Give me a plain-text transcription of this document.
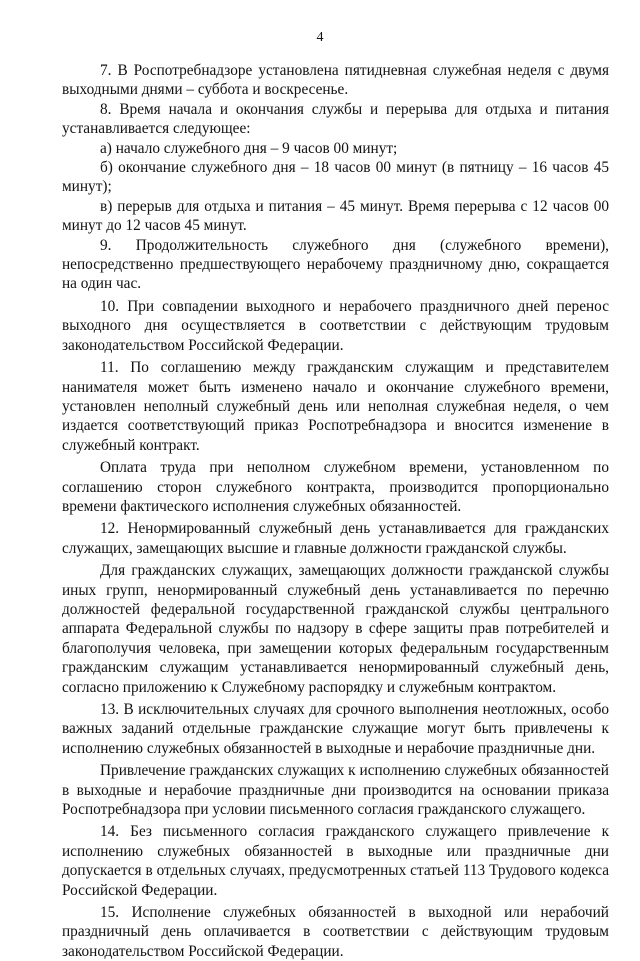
4

7. В Роспотребнадзоре установлена пятидневная служебная неделя с двумя выходными днями – суббота и воскресенье.

8. Время начала и окончания службы и перерыва для отдыха и питания устанавливается следующее:

а) начало служебного дня – 9 часов 00 минут;

б) окончание служебного дня – 18 часов 00 минут (в пятницу – 16 часов 45 минут);

в) перерыв для отдыха и питания – 45 минут. Время перерыва с 12 часов 00 минут до 12 часов 45 минут.

9. Продолжительность служебного дня (служебного времени), непосредственно предшествующего нерабочему праздничному дню, сокращается на один час.

10. При совпадении выходного и нерабочего праздничного дней перенос выходного дня осуществляется в соответствии с действующим трудовым законодательством Российской Федерации.

11. По соглашению между гражданским служащим и представителем нанимателя может быть изменено начало и окончание служебного времени, установлен неполный служебный день или неполная служебная неделя, о чем издается соответствующий приказ Роспотребнадзора и вносится изменение в служебный контракт.

Оплата труда при неполном служебном времени, установленном по соглашению сторон служебного контракта, производится пропорционально времени фактического исполнения служебных обязанностей.

12. Ненормированный служебный день устанавливается для гражданских служащих, замещающих высшие и главные должности гражданской службы.

Для гражданских служащих, замещающих должности гражданской службы иных групп, ненормированный служебный день устанавливается по перечню должностей федеральной государственной гражданской службы центрального аппарата Федеральной службы по надзору в сфере защиты прав потребителей и благополучия человека, при замещении которых федеральным государственным гражданским служащим устанавливается ненормированный служебный день, согласно приложению к Служебному распорядку и служебным контрактом.

13. В исключительных случаях для срочного выполнения неотложных, особо важных заданий отдельные гражданские служащие могут быть привлечены к исполнению служебных обязанностей в выходные и нерабочие праздничные дни.

Привлечение гражданских служащих к исполнению служебных обязанностей в выходные и нерабочие праздничные дни производится на основании приказа Роспотребнадзора при условии письменного согласия гражданского служащего.

14. Без письменного согласия гражданского служащего привлечение к исполнению служебных обязанностей в выходные или праздничные дни допускается в отдельных случаях, предусмотренных статьей 113 Трудового кодекса Российской Федерации.

15. Исполнение служебных обязанностей в выходной или нерабочий праздничный день оплачивается в соответствии с действующим трудовым законодательством Российской Федерации.
